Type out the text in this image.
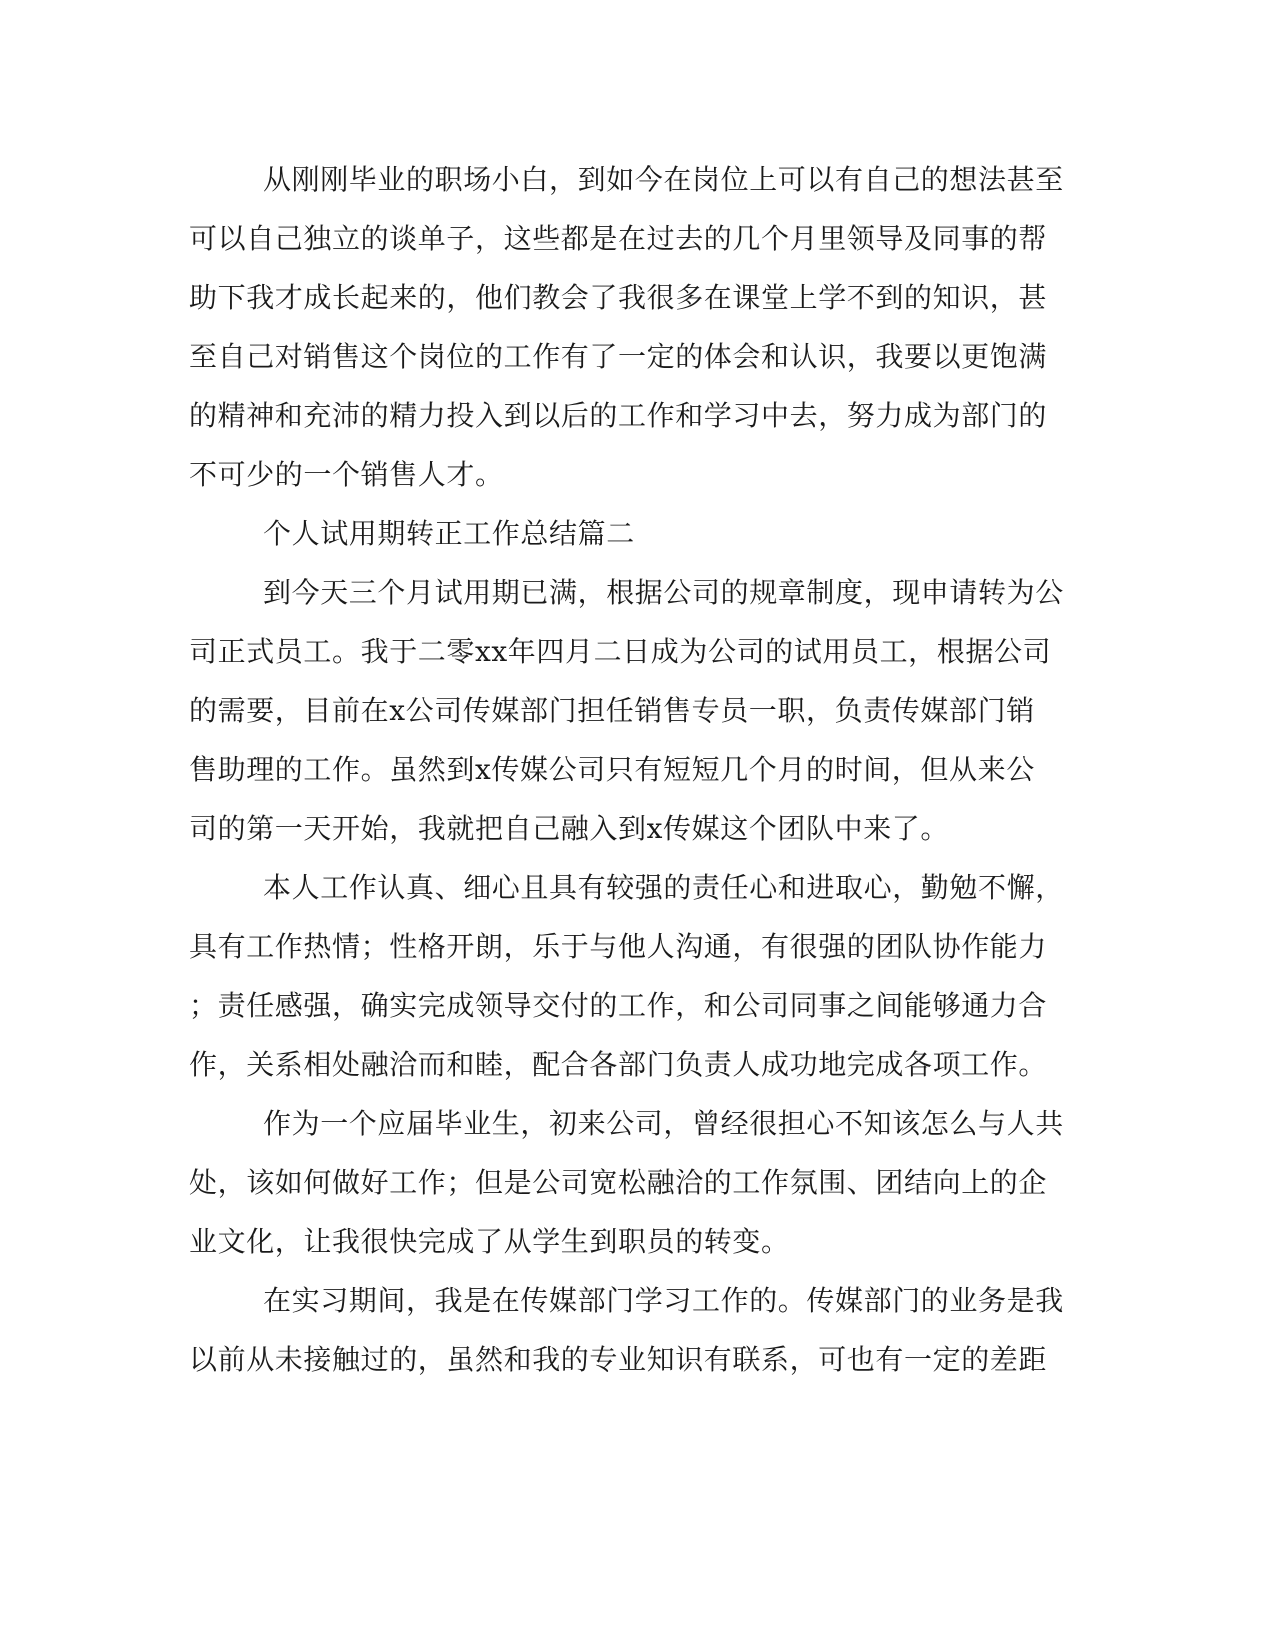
从刚刚毕业的职场小白，到如今在岗位上可以有自己的想法甚至
可以自己独立的谈单子，这些都是在过去的几个月里领导及同事的帮
助下我才成长起来的，他们教会了我很多在课堂上学不到的知识，甚
至自己对销售这个岗位的工作有了一定的体会和认识，我要以更饱满
的精神和充沛的精力投入到以后的工作和学习中去，努力成为部门的
不可少的一个销售人才。
个人试用期转正工作总结篇二
到今天三个月试用期已满，根据公司的规章制度，现申请转为公
司正式员工。我于二零xx年四月二日成为公司的试用员工，根据公司
的需要，目前在x公司传媒部门担任销售专员一职，负责传媒部门销
售助理的工作。虽然到x传媒公司只有短短几个月的时间，但从来公
司的第一天开始，我就把自己融入到x传媒这个团队中来了。
本人工作认真、细心且具有较强的责任心和进取心，勤勉不懈，
具有工作热情；性格开朗，乐于与他人沟通，有很强的团队协作能力
；责任感强，确实完成领导交付的工作，和公司同事之间能够通力合
作，关系相处融洽而和睦，配合各部门负责人成功地完成各项工作。
作为一个应届毕业生，初来公司，曾经很担心不知该怎么与人共
处，该如何做好工作；但是公司宽松融洽的工作氛围、团结向上的企
业文化，让我很快完成了从学生到职员的转变。
在实习期间，我是在传媒部门学习工作的。传媒部门的业务是我
以前从未接触过的，虽然和我的专业知识有联系，可也有一定的差距
